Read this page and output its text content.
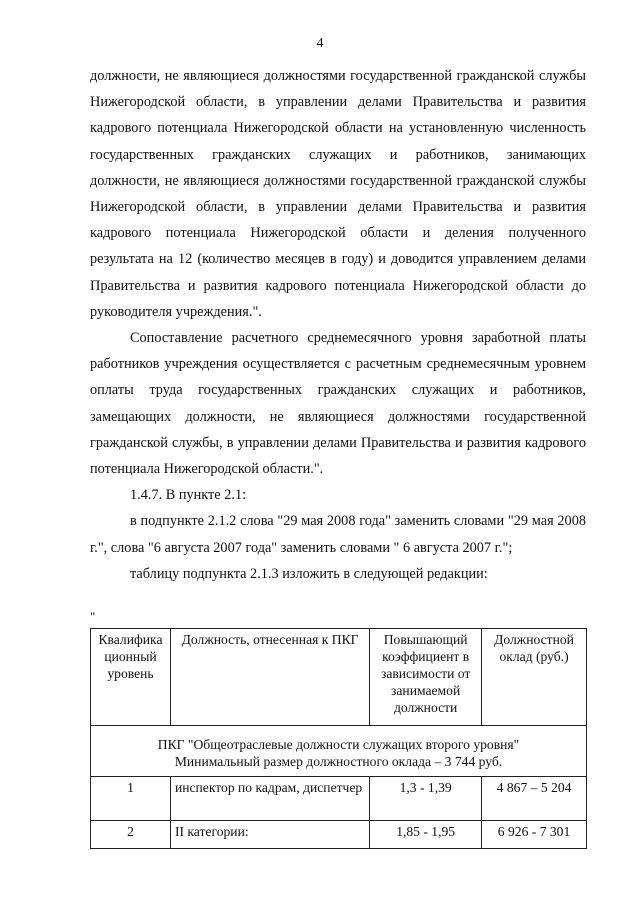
4

должности, не являющиеся должностями государственной гражданской службы Нижегородской области, в управлении делами Правительства и развития кадрового потенциала Нижегородской области на установленную численность государственных гражданских служащих и работников, занимающих должности, не являющиеся должностями государственной гражданской службы Нижегородской области, в управлении делами Правительства и развития кадрового потенциала Нижегородской области и деления полученного результата на 12 (количество месяцев в году) и доводится управлением делами Правительства и развития кадрового потенциала Нижегородской области до руководителя учреждения.".

Сопоставление расчетного среднемесячного уровня заработной платы работников учреждения осуществляется с расчетным среднемесячным уровнем оплаты труда государственных гражданских служащих и работников, замещающих должности, не являющиеся должностями государственной гражданской службы, в управлении делами Правительства и развития кадрового потенциала Нижегородской области.".

1.4.7. В пункте 2.1:

в подпункте 2.1.2 слова "29 мая 2008 года" заменить словами "29 мая 2008 г.", слова "6 августа 2007 года" заменить словами " 6 августа 2007 г.";

таблицу подпункта 2.1.3 изложить в следующей редакции:

"
Квалифика ционный уровень	Должность, отнесенная к ПКГ	Повышающий коэффициент в зависимости от занимаемой должности	Должностной оклад (руб.)

ПКГ "Общеотраслевые должности служащих второго уровня"
Минимальный размер должностного оклада – 3 744 руб.			

1	инспектор по кадрам, диспетчер	1,3 - 1,39	4 867 – 5 204
2	II категории:	1,85 - 1,95	6 926 - 7 301
